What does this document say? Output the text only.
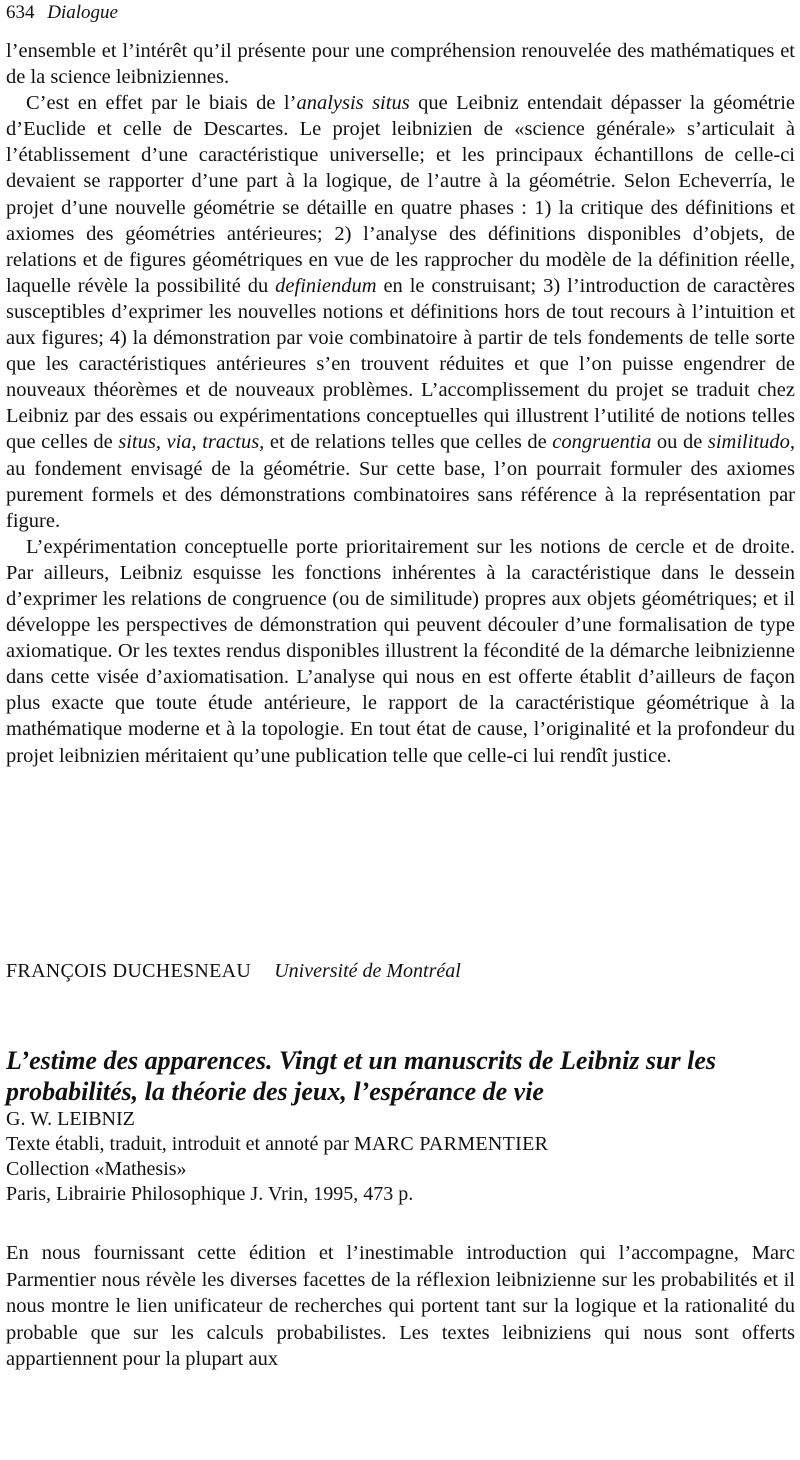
634 Dialogue

l’ensemble et l’intérêt qu’il présente pour une compréhension renouvelée des mathématiques et de la science leibniziennes.

C’est en effet par le biais de l’analysis situs que Leibniz entendait dépasser la géométrie d’Euclide et celle de Descartes. Le projet leibnizien de «science générale» s’articulait à l’établissement d’une caractéristique universelle; et les principaux échantillons de celle-ci devaient se rapporter d’une part à la logique, de l’autre à la géométrie. Selon Echeverría, le projet d’une nouvelle géométrie se détaille en quatre phases : 1) la critique des définitions et axiomes des géométries antérieures; 2) l’analyse des définitions disponibles d’objets, de relations et de figures géométriques en vue de les rapprocher du modèle de la définition réelle, laquelle révèle la possibilité du definiendum en le construisant; 3) l’introduction de caractères susceptibles d’exprimer les nouvelles notions et définitions hors de tout recours à l’intuition et aux figures; 4) la démonstration par voie combinatoire à partir de tels fondements de telle sorte que les caractéristiques antérieures s’en trouvent réduites et que l’on puisse engendrer de nouveaux théorèmes et de nouveaux problèmes. L’accomplissement du projet se traduit chez Leibniz par des essais ou expérimentations conceptuelles qui illustrent l’utilité de notions telles que celles de situs, via, tractus, et de relations telles que celles de congruentia ou de similitudo, au fondement envisagé de la géométrie. Sur cette base, l’on pourrait formuler des axiomes purement formels et des démonstrations combinatoires sans référence à la représentation par figure.

L’expérimentation conceptuelle porte prioritairement sur les notions de cercle et de droite. Par ailleurs, Leibniz esquisse les fonctions inhérentes à la caractéristique dans le dessein d’exprimer les relations de congruence (ou de similitude) propres aux objets géométriques; et il développe les perspectives de démonstration qui peuvent découler d’une formalisation de type axiomatique. Or les textes rendus disponibles illustrent la fécondité de la démarche leibnizienne dans cette visée d’axiomatisation. L’analyse qui nous en est offerte établit d’ailleurs de façon plus exacte que toute étude antérieure, le rapport de la caractéristique géométrique à la mathématique moderne et à la topologie. En tout état de cause, l’originalité et la profondeur du projet leibnizien méritaient qu’une publication telle que celle-ci lui rendît justice.

FRANÇOIS DUCHESNEAU Université de Montréal
L’estime des apparences. Vingt et un manuscrits de Leibniz sur les
probabilités, la théorie des jeux, l’espérance de vie
G. W. LEIBNIZ
Texte établi, traduit, introduit et annoté par MARC PARMENTIER
Collection «Mathesis»
Paris, Librairie Philosophique J. Vrin, 1995, 473 p.

En nous fournissant cette édition et l’inestimable introduction qui l’accompagne, Marc Parmentier nous révèle les diverses facettes de la réflexion leibnizienne sur les probabilités et il nous montre le lien unificateur de recherches qui portent tant sur la logique et la rationalité du probable que sur les calculs probabilistes. Les textes leibniziens qui nous sont offerts appartiennent pour la plupart aux
